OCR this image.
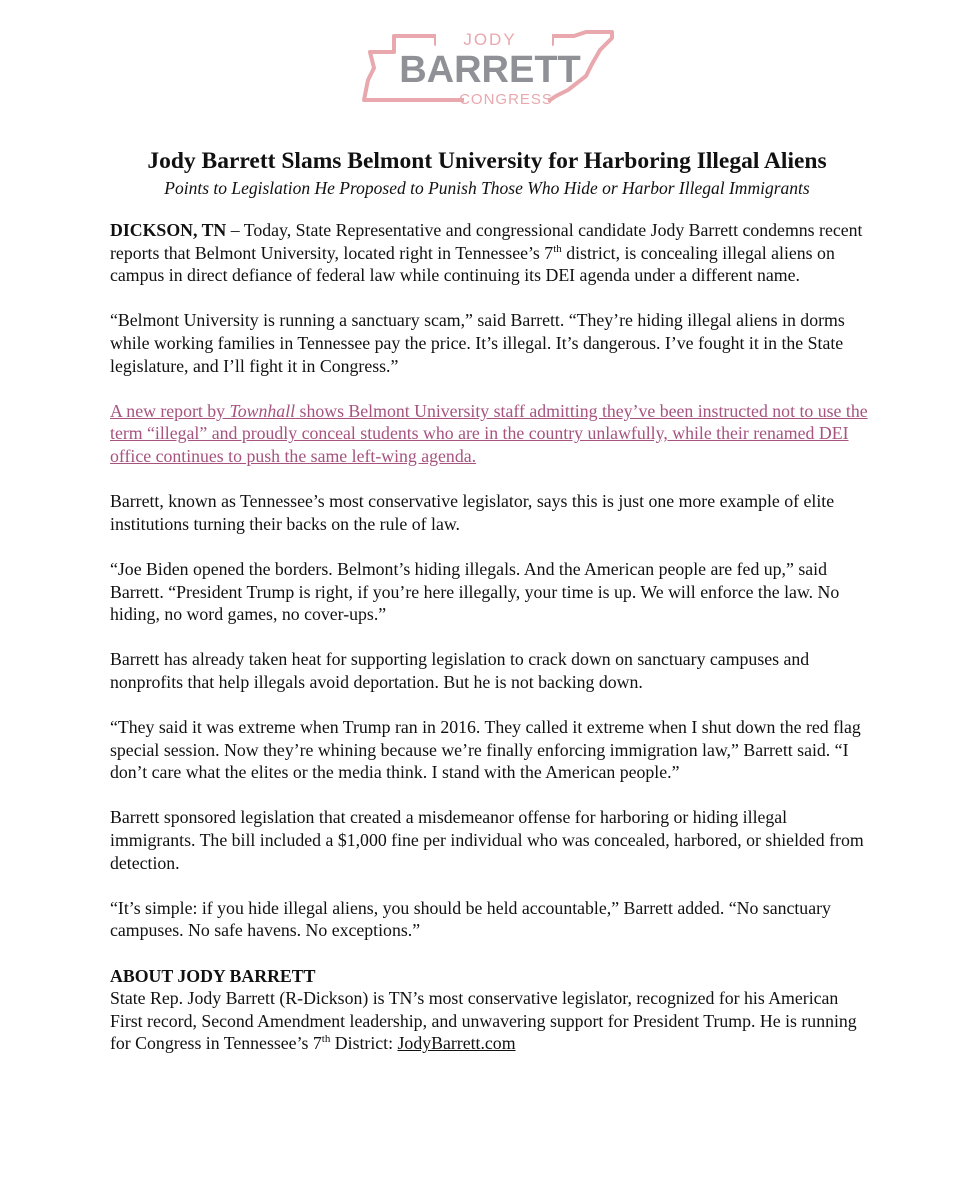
JODY
BARRETT
CONGRESS
Jody Barrett Slams Belmont University for Harboring Illegal Aliens

Points to Legislation He Proposed to Punish Those Who Hide or Harbor Illegal Immigrants

DICKSON, TN – Today, State Representative and congressional candidate Jody Barrett condemns recent reports that Belmont University, located right in Tennessee’s 7th district, is concealing illegal aliens on campus in direct defiance of federal law while continuing its DEI agenda under a different name.

“Belmont University is running a sanctuary scam,” said Barrett. “They’re hiding illegal aliens in dorms while working families in Tennessee pay the price. It’s illegal. It’s dangerous. I’ve fought it in the State legislature, and I’ll fight it in Congress.”

A new report by Townhall shows Belmont University staff admitting they’ve been instructed not to use the term “illegal” and proudly conceal students who are in the country unlawfully, while their renamed DEI office continues to push the same left-wing agenda.

Barrett, known as Tennessee’s most conservative legislator, says this is just one more example of elite institutions turning their backs on the rule of law.

“Joe Biden opened the borders. Belmont’s hiding illegals. And the American people are fed up,” said Barrett. “President Trump is right, if you’re here illegally, your time is up. We will enforce the law. No hiding, no word games, no cover-ups.”

Barrett has already taken heat for supporting legislation to crack down on sanctuary campuses and nonprofits that help illegals avoid deportation. But he is not backing down.

“They said it was extreme when Trump ran in 2016. They called it extreme when I shut down the red flag special session. Now they’re whining because we’re finally enforcing immigration law,” Barrett said. “I don’t care what the elites or the media think. I stand with the American people.”

Barrett sponsored legislation that created a misdemeanor offense for harboring or hiding illegal immigrants. The bill included a $1,000 fine per individual who was concealed, harbored, or shielded from detection.

“It’s simple: if you hide illegal aliens, you should be held accountable,” Barrett added. “No sanctuary campuses. No safe havens. No exceptions.”

ABOUT JODY BARRETT

State Rep. Jody Barrett (R-Dickson) is TN’s most conservative legislator, recognized for his American First record, Second Amendment leadership, and unwavering support for President Trump. He is running for Congress in Tennessee’s 7th District: JodyBarrett.com
